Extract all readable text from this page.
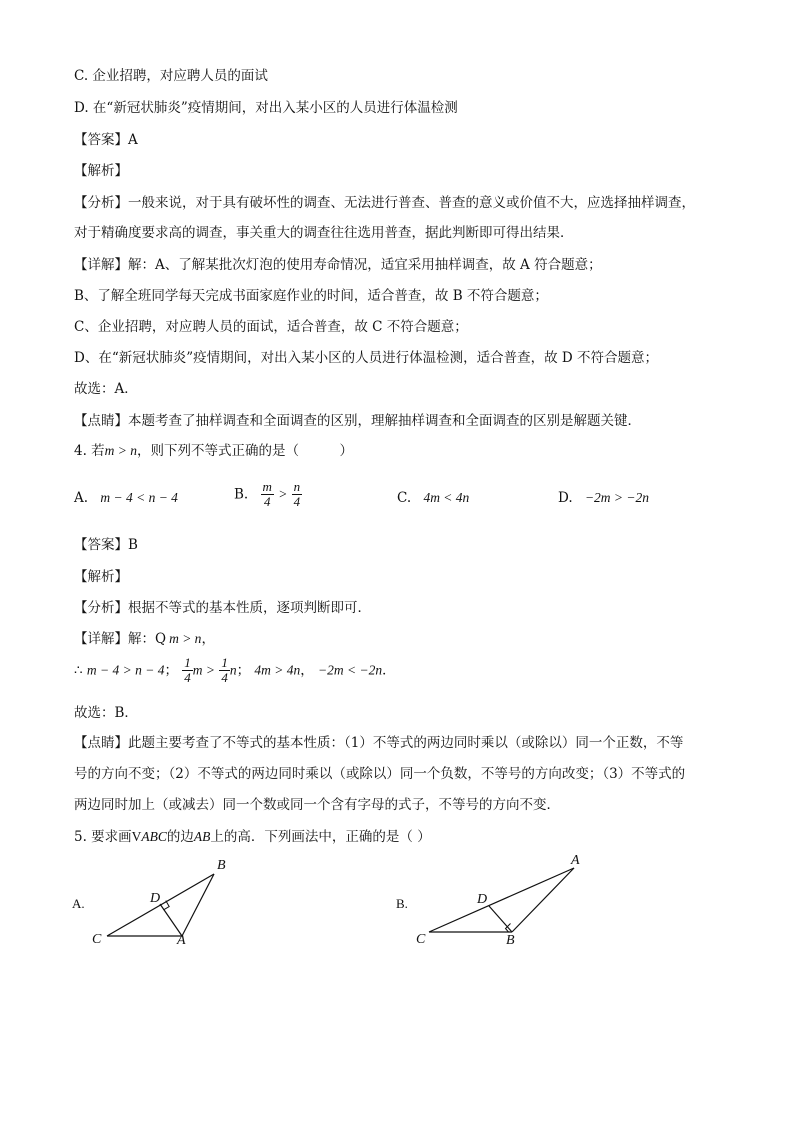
C. 企业招聘，对应聘人员的面试
D. 在“新冠状肺炎”疫情期间，对出入某小区的人员进行体温检测
【答案】A
【解析】
【分析】一般来说，对于具有破坏性的调查、无法进行普查、普查的意义或价值不大，应选择抽样调查，
对于精确度要求高的调查，事关重大的调查往往选用普查，据此判断即可得出结果．
【详解】解：A、了解某批次灯泡的使用寿命情况，适宜采用抽样调查，故 A 符合题意；
B、了解全班同学每天完成书面家庭作业的时间，适合普查，故 B 不符合题意；
C、企业招聘，对应聘人员的面试，适合普查，故 C 不符合题意；
D、在“新冠状肺炎”疫情期间，对出入某小区的人员进行体温检测，适合普查，故 D 不符合题意；
故选：A．
【点睛】本题考查了抽样调查和全面调查的区别，理解抽样调查和全面调查的区别是解题关键．
4. 若m > n，则下列不等式正确的是（　　　）
A. m − 4 < n − 4	B. $\frac{m}{4} > \frac{n}{4}$	C. 4m < 4n	D. −2m > −2n
【答案】B
【解析】
【分析】根据不等式的基本性质，逐项判断即可．
【详解】解：Q m > n，
∴ m − 4 > n − 4； $\frac{1}{4}$ $m > \frac{1}{4}$ n； 4m > 4n， −2m < −2n．
故选：B．
【点睛】此题主要考查了不等式的基本性质：（1）不等式的两边同时乘以（或除以）同一个正数，不等
号的方向不变；（2）不等式的两边同时乘以（或除以）同一个负数，不等号的方向改变；（3）不等式的
两边同时加上（或减去）同一个数或同一个含有字母的式子，不等号的方向不变．
5. 要求画VABC的边AB上的高．下列画法中，正确的是（ ）
A.
B
D
C	A
B.
A
D
C	B
